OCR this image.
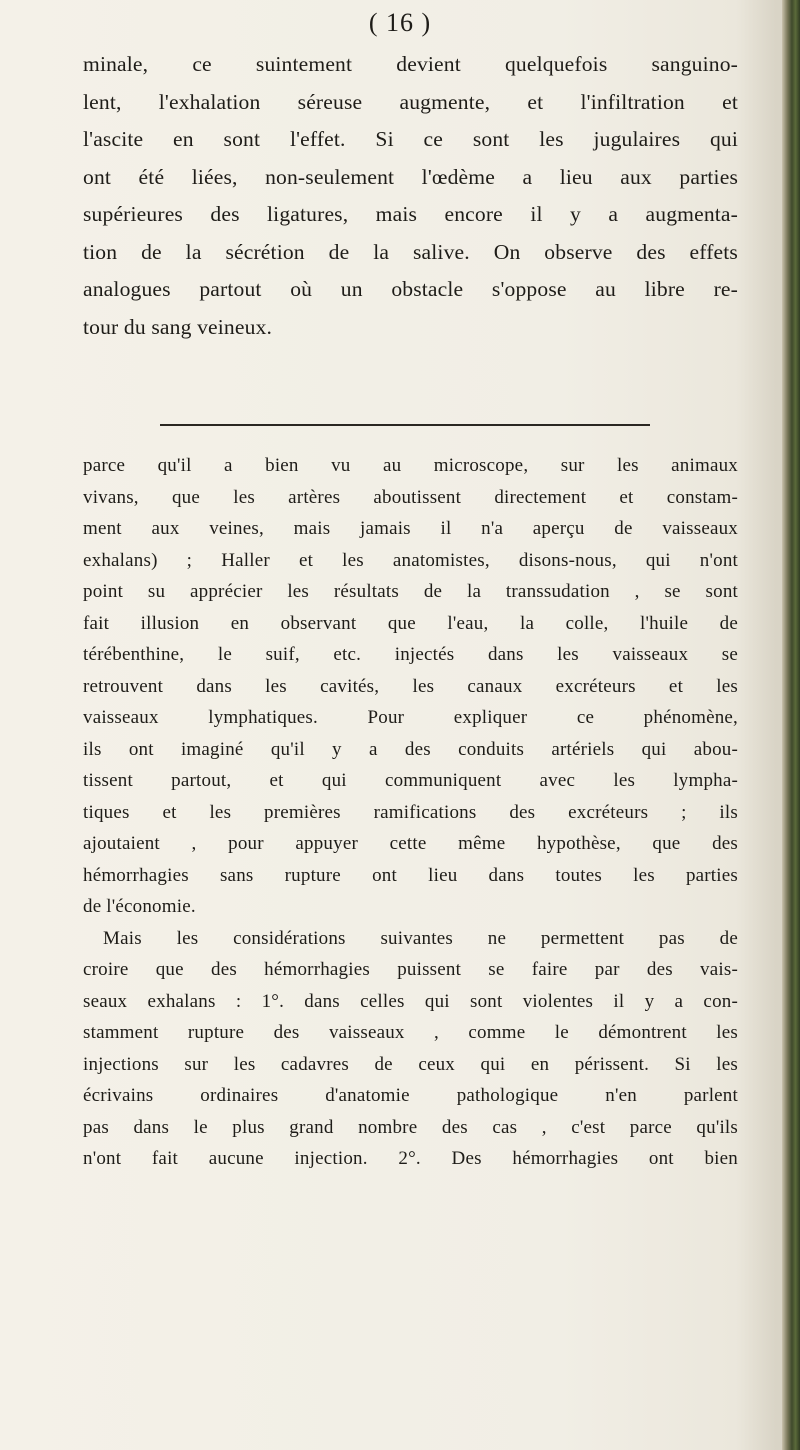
( 16 )
minale, ce suintement devient quelquefois sanguino-
lent, l'exhalation séreuse augmente, et l'infiltration et
l'ascite en sont l'effet. Si ce sont les jugulaires qui
ont été liées, non-seulement l'œdème a lieu aux parties
supérieures des ligatures, mais encore il y a augmenta-
tion de la sécrétion de la salive. On observe des effets
analogues partout où un obstacle s'oppose au libre re-
tour du sang veineux.
parce qu'il a bien vu au microscope, sur les animaux
vivans, que les artères aboutissent directement et constam-
ment aux veines, mais jamais il n'a aperçu de vaisseaux
exhalans) ; Haller et les anatomistes, disons-nous, qui n'ont
point su apprécier les résultats de la transsudation , se sont
fait illusion en observant que l'eau, la colle, l'huile de
térébenthine, le suif, etc. injectés dans les vaisseaux se
retrouvent dans les cavités, les canaux excréteurs et les
vaisseaux lymphatiques. Pour expliquer ce phénomène,
ils ont imaginé qu'il y a des conduits artériels qui abou-
tissent partout, et qui communiquent avec les lympha-
tiques et les premières ramifications des excréteurs ; ils
ajoutaient , pour appuyer cette même hypothèse, que des
hémorrhagies sans rupture ont lieu dans toutes les parties
de l'économie.
Mais les considérations suivantes ne permettent pas de
croire que des hémorrhagies puissent se faire par des vais-
seaux exhalans : 1°. dans celles qui sont violentes il y a con-
stamment rupture des vaisseaux , comme le démontrent les
injections sur les cadavres de ceux qui en périssent. Si les
écrivains ordinaires d'anatomie pathologique n'en parlent
pas dans le plus grand nombre des cas , c'est parce qu'ils
n'ont fait aucune injection. 2°. Des hémorrhagies ont bien
